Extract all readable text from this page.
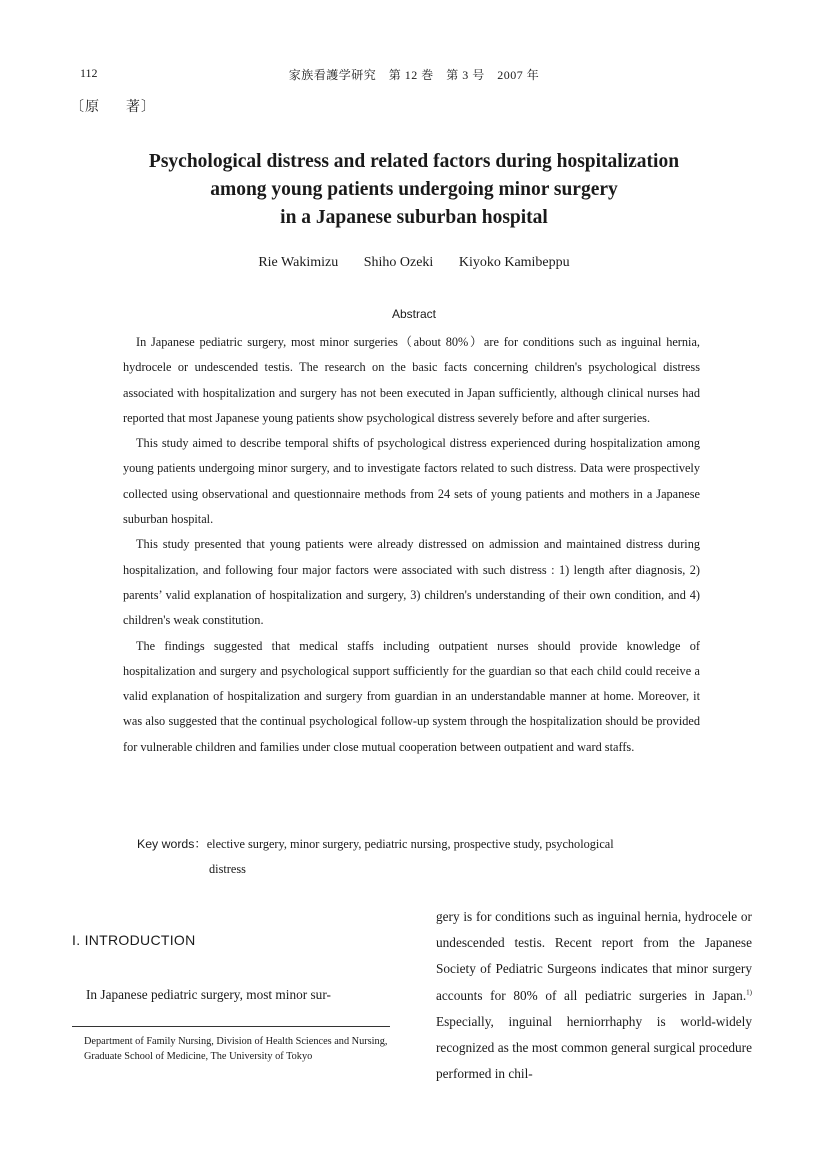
112	家族看護学研究　第 12 巻　第 3 号　2007 年
〔原 著〕
Psychological distress and related factors during hospitalization
among young patients undergoing minor surgery
in a Japanese suburban hospital
Rie Wakimizu Shiho Ozeki Kiyoko Kamibeppu
Abstract

In Japanese pediatric surgery, most minor surgeries（about 80%）are for conditions such as inguinal hernia, hydrocele or undescended testis. The research on the basic facts concerning children's psychological distress associated with hospitalization and surgery has not been executed in Japan sufficiently, although clinical nurses had reported that most Japanese young patients show psychological distress severely before and after surgeries.

This study aimed to describe temporal shifts of psychological distress experienced during hospitalization among young patients undergoing minor surgery, and to investigate factors related to such distress. Data were prospectively collected using observational and questionnaire methods from 24 sets of young patients and mothers in a Japanese suburban hospital.

This study presented that young patients were already distressed on admission and maintained distress during hospitalization, and following four major factors were associated with such distress : 1) length after diagnosis, 2) parents’ valid explanation of hospitalization and surgery, 3) children's understanding of their own condition, and 4) children's weak constitution.

The findings suggested that medical staffs including outpatient nurses should provide knowledge of hospitalization and surgery and psychological support sufficiently for the guardian so that each child could receive a valid explanation of hospitalization and surgery from guardian in an understandable manner at home. Moreover, it was also suggested that the continual psychological follow-up system through the hospitalization should be provided for vulnerable children and families under close mutual cooperation between outpatient and ward staffs.

Key words：elective surgery, minor surgery, pediatric nursing, prospective study, psychological
distress
I. INTRODUCTION

In Japanese pediatric surgery, most minor sur-

Department of Family Nursing, Division of Health Sciences and Nursing, Graduate School of Medicine, The University of Tokyo

gery is for conditions such as inguinal hernia, hydrocele or undescended testis. Recent report from the Japanese Society of Pediatric Surgeons indicates that minor surgery accounts for 80% of all pediatric surgeries in Japan.$^{1)}$ Especially, inguinal herniorrhaphy is world-widely recognized as the most common general surgical procedure performed in chil-
